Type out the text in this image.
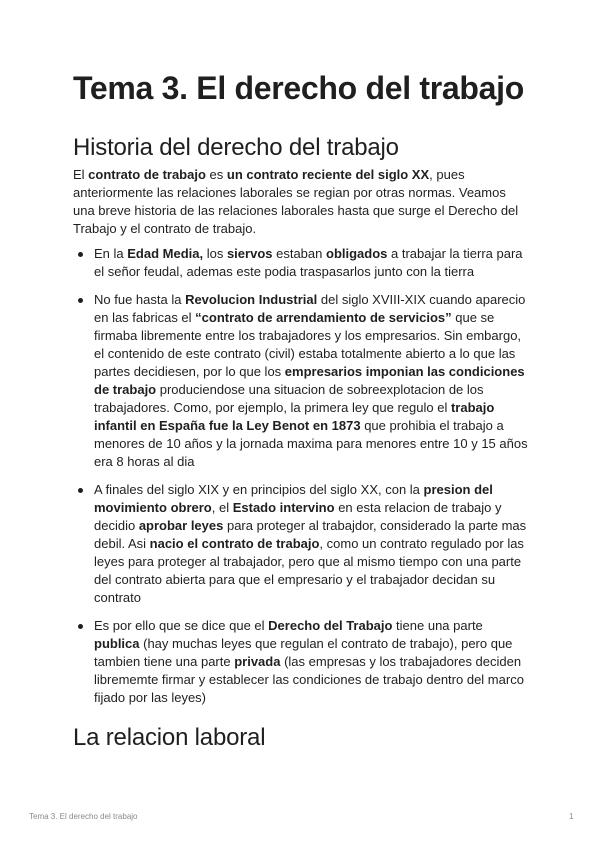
Tema 3. El derecho del trabajo
Historia del derecho del trabajo

El contrato de trabajo es un contrato reciente del siglo XX, pues anteriormente las relaciones laborales se regian por otras normas. Veamos una breve historia de las relaciones laborales hasta que surge el Derecho del Trabajo y el contrato de trabajo.

En la Edad Media, los siervos estaban obligados a trabajar la tierra para el señor feudal, ademas este podia traspasarlos junto con la tierra
No fue hasta la Revolucion Industrial del siglo XVIII-XIX cuando aparecio en las fabricas el “contrato de arrendamiento de servicios” que se firmaba libremente entre los trabajadores y los empresarios. Sin embargo, el contenido de este contrato (civil) estaba totalmente abierto a lo que las partes decidiesen, por lo que los empresarios imponian las condiciones de trabajo produciendose una situacion de sobreexplotacion de los trabajadores. Como, por ejemplo, la primera ley que regulo el trabajo infantil en España fue la Ley Benot en 1873 que prohibia el trabajo a menores de 10 años y la jornada maxima para menores entre 10 y 15 años era 8 horas al dia
A finales del siglo XIX y en principios del siglo XX, con la presion del movimiento obrero, el Estado intervino en esta relacion de trabajo y decidio aprobar leyes para proteger al trabajdor, considerado la parte mas debil. Asi nacio el contrato de trabajo, como un contrato regulado por las leyes para proteger al trabajador, pero que al mismo tiempo con una parte del contrato abierta para que el empresario y el trabajador decidan su contrato
Es por ello que se dice que el Derecho del Trabajo tiene una parte publica (hay muchas leyes que regulan el contrato de trabajo), pero que tambien tiene una parte privada (las empresas y los trabajadores deciden librememte firmar y establecer las condiciones de trabajo dentro del marco fijado por las leyes)
La relacion laboral
Tema 3. El derecho del trabajo	1
